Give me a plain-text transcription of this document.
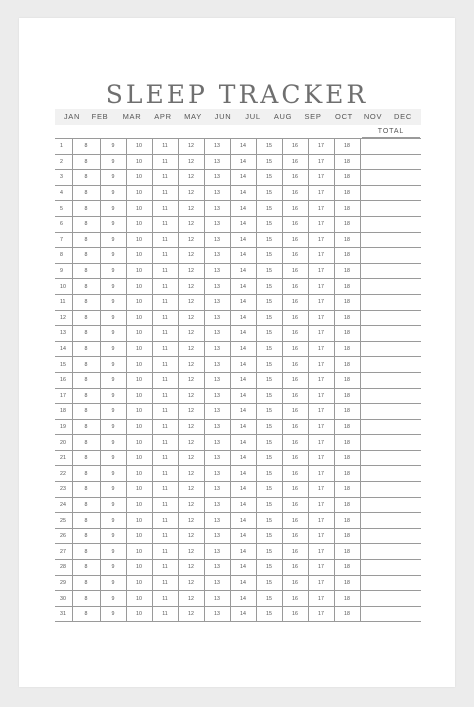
SLEEP TRACKER
JAN FEB MAR APR MAY JUN JUL AUG SEP OCT NOV DEC
TOTAL
1	8	9	10	11	12	13	14	15	16	17	18	
2	8	9	10	11	12	13	14	15	16	17	18	
3	8	9	10	11	12	13	14	15	16	17	18	
4	8	9	10	11	12	13	14	15	16	17	18	
5	8	9	10	11	12	13	14	15	16	17	18	
6	8	9	10	11	12	13	14	15	16	17	18	
7	8	9	10	11	12	13	14	15	16	17	18	
8	8	9	10	11	12	13	14	15	16	17	18	
9	8	9	10	11	12	13	14	15	16	17	18	
10	8	9	10	11	12	13	14	15	16	17	18	
11	8	9	10	11	12	13	14	15	16	17	18	
12	8	9	10	11	12	13	14	15	16	17	18	
13	8	9	10	11	12	13	14	15	16	17	18	
14	8	9	10	11	12	13	14	15	16	17	18	
15	8	9	10	11	12	13	14	15	16	17	18	
16	8	9	10	11	12	13	14	15	16	17	18	
17	8	9	10	11	12	13	14	15	16	17	18	
18	8	9	10	11	12	13	14	15	16	17	18	
19	8	9	10	11	12	13	14	15	16	17	18	
20	8	9	10	11	12	13	14	15	16	17	18	
21	8	9	10	11	12	13	14	15	16	17	18	
22	8	9	10	11	12	13	14	15	16	17	18	
23	8	9	10	11	12	13	14	15	16	17	18	
24	8	9	10	11	12	13	14	15	16	17	18	
25	8	9	10	11	12	13	14	15	16	17	18	
26	8	9	10	11	12	13	14	15	16	17	18	
27	8	9	10	11	12	13	14	15	16	17	18	
28	8	9	10	11	12	13	14	15	16	17	18	
29	8	9	10	11	12	13	14	15	16	17	18	
30	8	9	10	11	12	13	14	15	16	17	18	
31	8	9	10	11	12	13	14	15	16	17	18	
